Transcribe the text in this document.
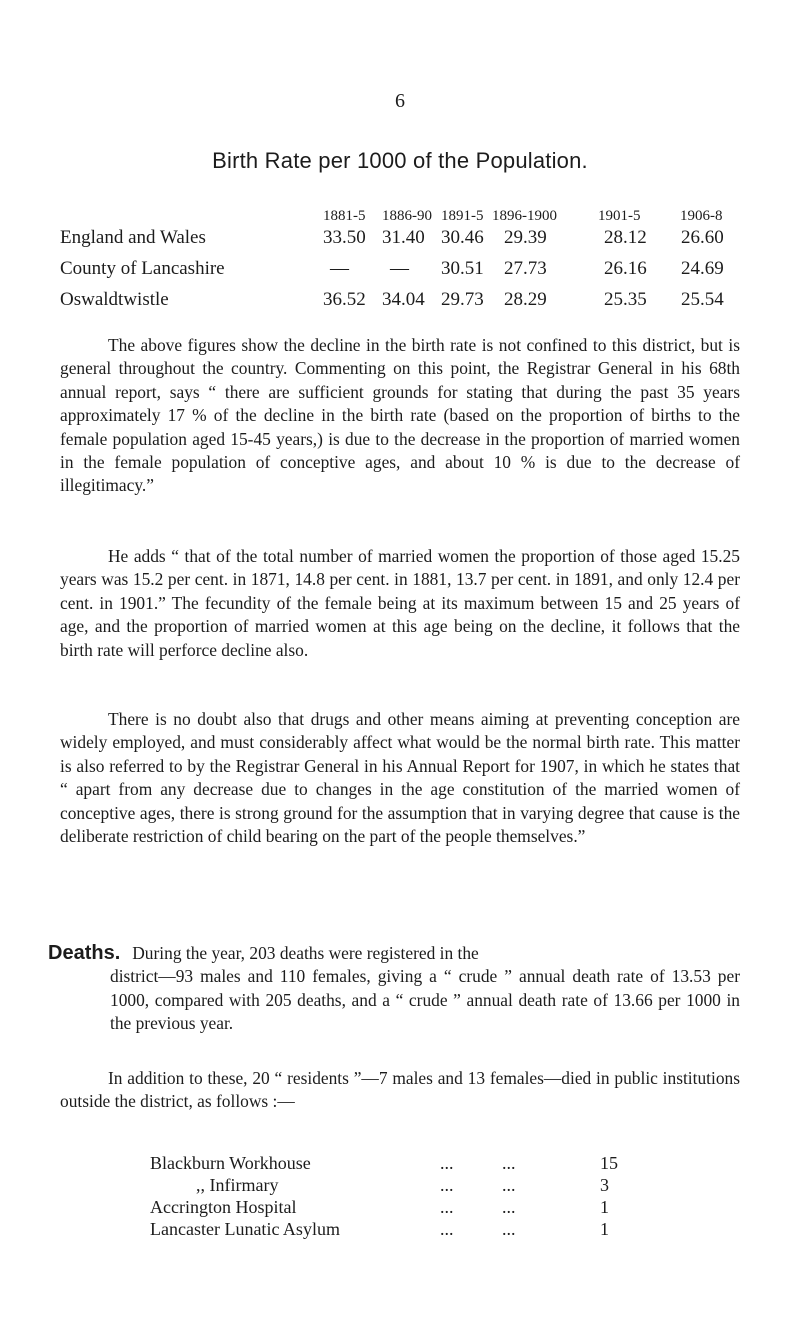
6
Birth Rate per 1000 of the Population.
1881-5 1886-90 1891-5 1896-1900	1901-5	1906-8
England and Wales	33.50 31.40 30.46 29.39	28.12 26.60
County of Lancashire	— — 30.51 27.73	26.16 24.69
Oswaldtwistle	36.52 34.04 29.73 28.29	25.35 25.54

The above figures show the decline in the birth rate is not confined to this district, but is general throughout the country. Commenting on this point, the Registrar General in his 68th annual report, says “ there are sufficient grounds for stating that during the past 35 years approximately 17 % of the decline in the birth rate (based on the proportion of births to the female population aged 15-45 years,) is due to the decrease in the proportion of married women in the female population of conceptive ages, and about 10 % is due to the decrease of illegitimacy.”

He adds “ that of the total number of married women the proportion of those aged 15.25 years was 15.2 per cent. in 1871, 14.8 per cent. in 1881, 13.7 per cent. in 1891, and only 12.4 per cent. in 1901.” The fecundity of the female being at its maximum between 15 and 25 years of age, and the proportion of married women at this age being on the decline, it follows that the birth rate will perforce decline also.

There is no doubt also that drugs and other means aiming at preventing conception are widely employed, and must considerably affect what would be the normal birth rate. This matter is also referred to by the Registrar General in his Annual Report for 1907, in which he states that “ apart from any decrease due to changes in the age constitution of the married women of conceptive ages, there is strong ground for the assumption that in varying degree that cause is the deliberate restriction of child bearing on the part of the people themselves.”

Deaths. During the year, 203 deaths were registered in the
district—93 males and 110 females, giving a “ crude ” annual death rate of 13.53 per 1000, compared with 205 deaths, and a “ crude ” annual death rate of 13.66 per 1000 in the previous year.

In addition to these, 20 “ residents ”—7 males and 13 females—died in public institutions outside the district, as follows :—

Blackburn Workhouse	...	...	15
,, Infirmary	...	...	3
Accrington Hospital	...	...	1
Lancaster Lunatic Asylum	...	...	1
